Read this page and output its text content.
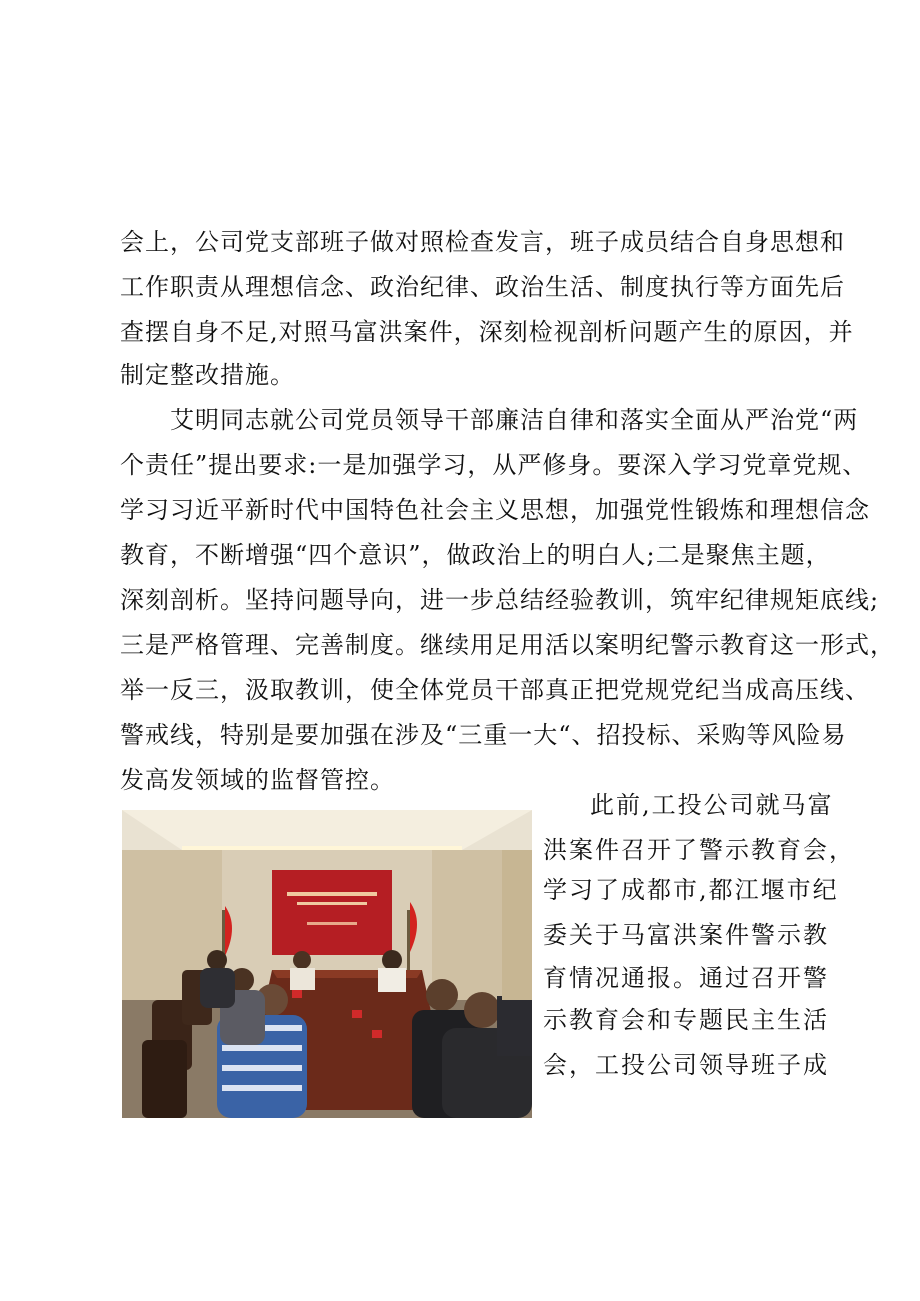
会上，公司党支部班子做对照检查发言，班子成员结合自身思想和
工作职责从理想信念、政治纪律、政治生活、制度执行等方面先后
查摆自身不足,对照马富洪案件，深刻检视剖析问题产生的原因，并
制定整改措施。
艾明同志就公司党员领导干部廉洁自律和落实全面从严治党“两
个责任”提出要求:一是加强学习，从严修身。要深入学习党章党规、
学习习近平新时代中国特色社会主义思想，加强党性锻炼和理想信念
教育，不断增强“四个意识”，做政治上的明白人;二是聚焦主题，
深刻剖析。坚持问题导向，进一步总结经验教训，筑牢纪律规矩底线;
三是严格管理、完善制度。继续用足用活以案明纪警示教育这一形式，
举一反三，汲取教训，使全体党员干部真正把党规党纪当成高压线、
警戒线，特别是要加强在涉及“三重一大“、招投标、采购等风险易
发高发领域的监督管控。
此前,工投公司就马富
洪案件召开了警示教育会，
学习了成都市,都江堰市纪
委关于马富洪案件警示教
育情况通报。通过召开警
示教育会和专题民主生活
会，工投公司领导班子成
